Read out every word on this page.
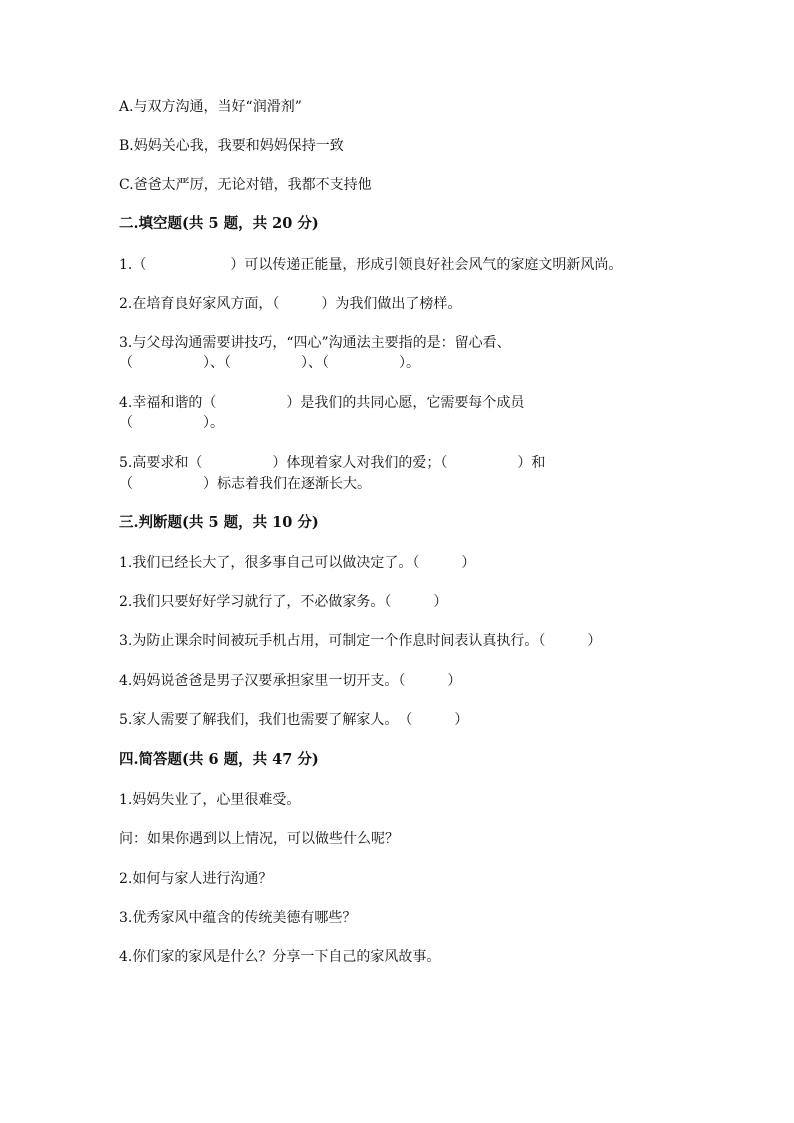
A.与双方沟通，当好“润滑剂”
B.妈妈关心我，我要和妈妈保持一致
C.爸爸太严厉，无论对错，我都不支持他
二.填空题(共 5 题，共 20 分)
1.（　　　　　　）可以传递正能量，形成引领良好社会风气的家庭文明新风尚。
2.在培育良好家风方面，（　　　）为我们做出了榜样。
3.与父母沟通需要讲技巧，“四心”沟通法主要指的是：留心看、
（　　　　　）、（　　　　　）、（　　　　　）。
4.幸福和谐的（　　　　　）是我们的共同心愿，它需要每个成员
（　　　　　）。
5.高要求和（　　　　　）体现着家人对我们的爱；（　　　　　）和
（　　　　　）标志着我们在逐渐长大。
三.判断题(共 5 题，共 10 分)
1.我们已经长大了，很多事自己可以做决定了。（　　　）
2.我们只要好好学习就行了，不必做家务。（　　　）
3.为防止课余时间被玩手机占用，可制定一个作息时间表认真执行。（　　　）
4.妈妈说爸爸是男子汉要承担家里一切开支。（　　　）
5.家人需要了解我们，我们也需要了解家人。　（　　　）
四.简答题(共 6 题，共 47 分)
1.妈妈失业了，心里很难受。
问：如果你遇到以上情况，可以做些什么呢？
2.如何与家人进行沟通？
3.优秀家风中蕴含的传统美德有哪些？
4.你们家的家风是什么？分享一下自己的家风故事。
